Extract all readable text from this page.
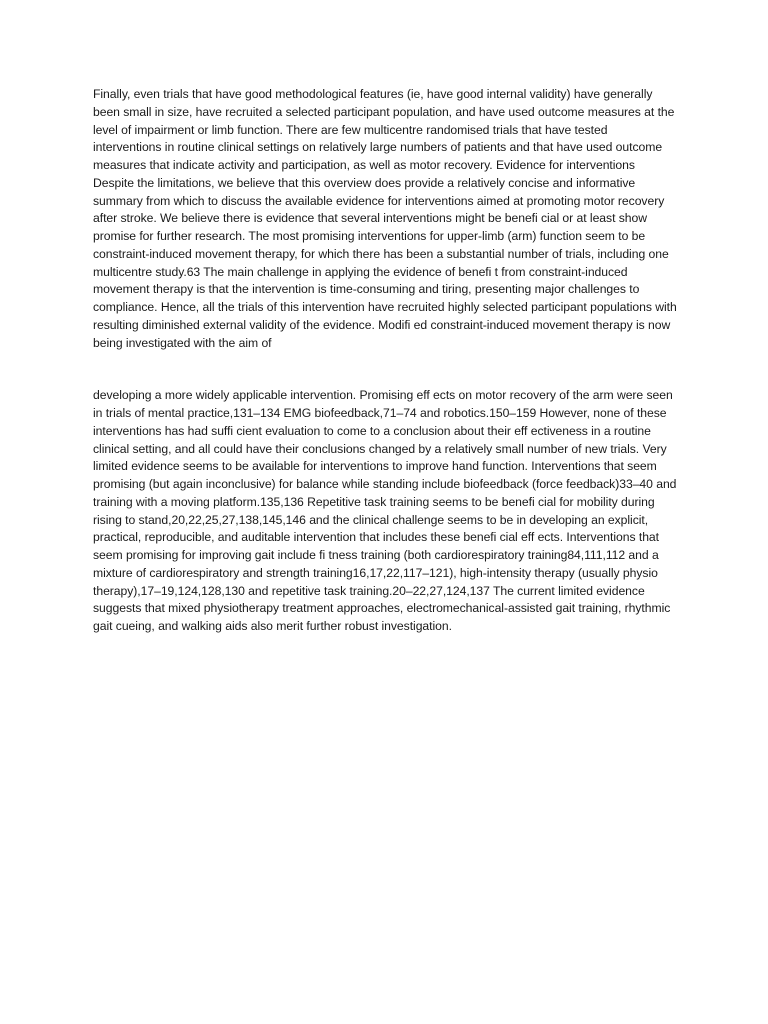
Finally, even trials that have good methodological features (ie, have good internal validity) have generally been small in size, have recruited a selected participant population, and have used outcome measures at the level of impairment or limb function. There are few multicentre randomised trials that have tested interventions in routine clinical settings on relatively large numbers of patients and that have used outcome measures that indicate activity and participation, as well as motor recovery. Evidence for interventions Despite the limitations, we believe that this overview does provide a relatively concise and informative summary from which to discuss the available evidence for interventions aimed at promoting motor recovery after stroke. We believe there is evidence that several interventions might be benefi cial or at least show promise for further research. The most promising interventions for upper-limb (arm) function seem to be constraint-induced movement therapy, for which there has been a substantial number of trials, including one multicentre study.63 The main challenge in applying the evidence of benefi t from constraint-induced movement therapy is that the intervention is time-consuming and tiring, presenting major challenges to compliance. Hence, all the trials of this intervention have recruited highly selected participant populations with resulting diminished external validity of the evidence. Modifi ed constraint-induced movement therapy is now being investigated with the aim of

developing a more widely applicable intervention. Promising eff ects on motor recovery of the arm were seen in trials of mental practice,131–134 EMG biofeedback,71–74 and robotics.150–159 However, none of these interventions has had suffi cient evaluation to come to a conclusion about their eff ectiveness in a routine clinical setting, and all could have their conclusions changed by a relatively small number of new trials. Very limited evidence seems to be available for interventions to improve hand function. Interventions that seem promising (but again inconclusive) for balance while standing include biofeedback (force feedback)33–40 and training with a moving platform.135,136 Repetitive task training seems to be benefi cial for mobility during rising to stand,20,22,25,27,138,145,146 and the clinical challenge seems to be in developing an explicit, practical, reproducible, and auditable intervention that includes these benefi cial eff ects. Interventions that seem promising for improving gait include fi tness training (both cardiorespiratory training84,111,112 and a mixture of cardiorespiratory and strength training16,17,22,117–121), high-intensity therapy (usually physio therapy),17–19,124,128,130 and repetitive task training.20–22,27,124,137 The current limited evidence suggests that mixed physiotherapy treatment approaches, electromechanical-assisted gait training, rhythmic gait cueing, and walking aids also merit further robust investigation.
